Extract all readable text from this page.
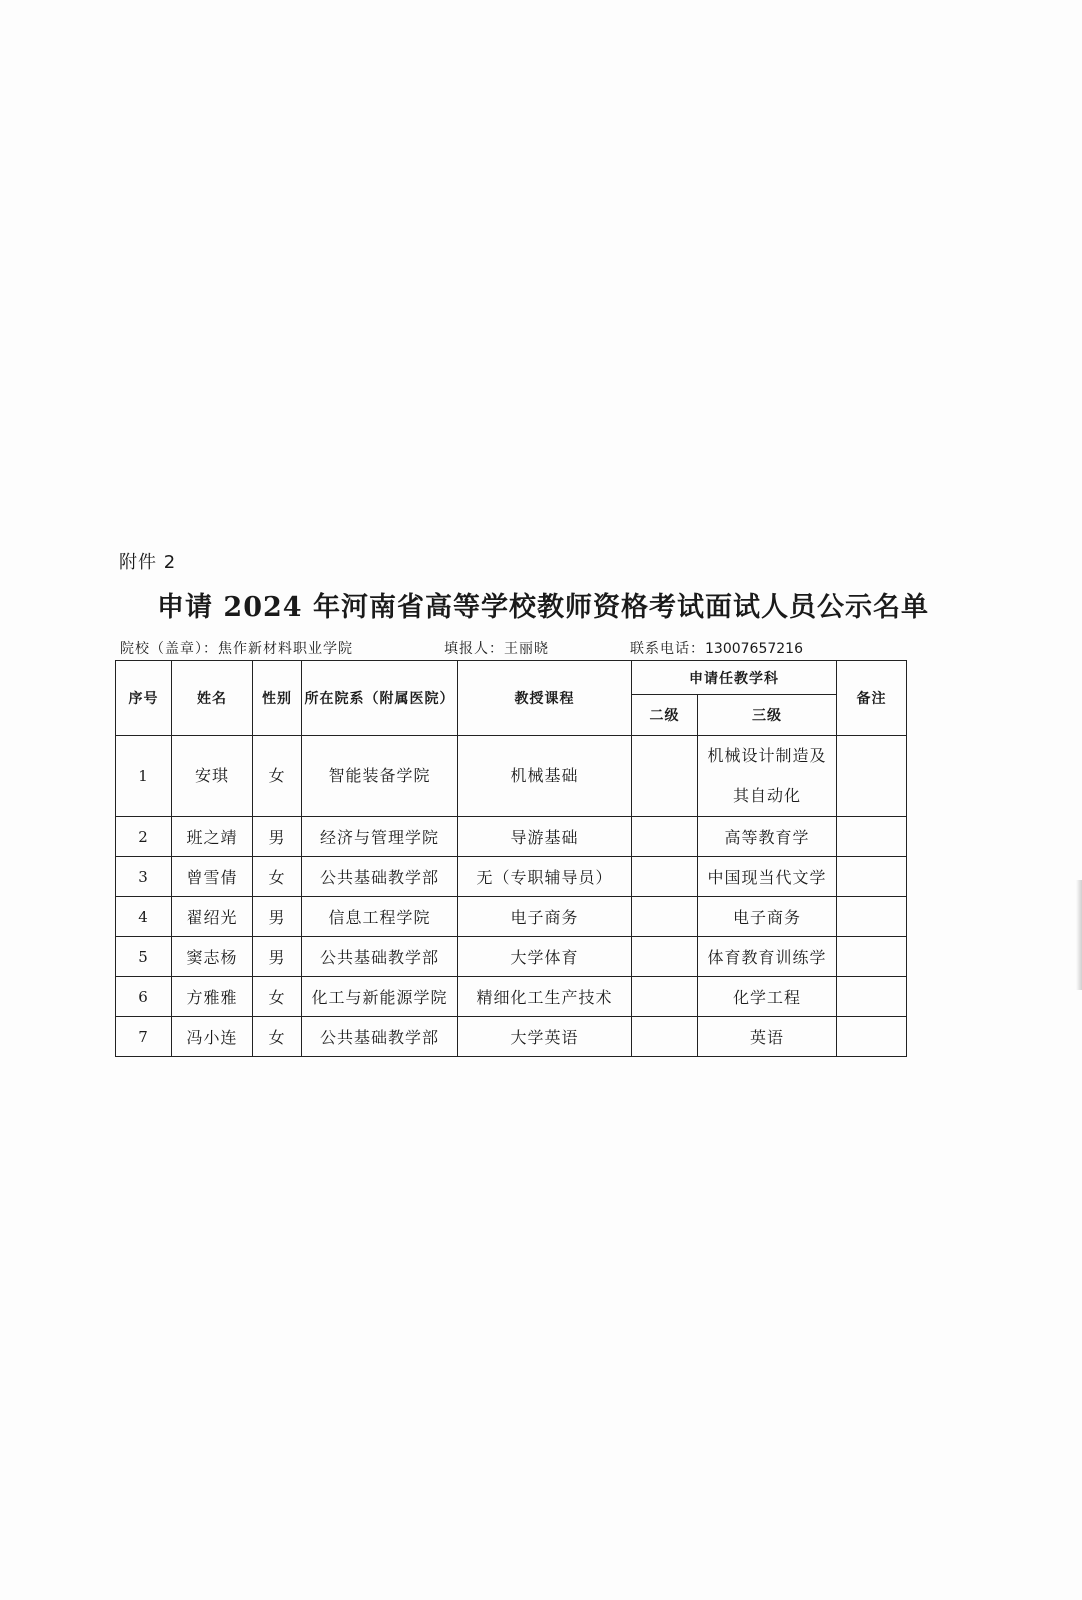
附件 2
申请 2024 年河南省高等学校教师资格考试面试人员公示名单
院校（盖章）：焦作新材料职业学院	填报人：王丽晓	联系电话：13007657216
序号	姓名	性别	所在院系（附属医院）	教授课程	申请任教学科		备注
					二级	三级	
1	安琪	女	智能装备学院	机械基础		机械设计制造及
其自动化	

2	班之靖	男	经济与管理学院	导游基础		高等教育学	
3	曾雪倩	女	公共基础教学部	无（专职辅导员）		中国现当代文学	
4	翟绍光	男	信息工程学院	电子商务		电子商务	
5	窦志杨	男	公共基础教学部	大学体育		体育教育训练学	
6	方雅雅	女	化工与新能源学院	精细化工生产技术		化学工程	
7	冯小连	女	公共基础教学部	大学英语		英语	
